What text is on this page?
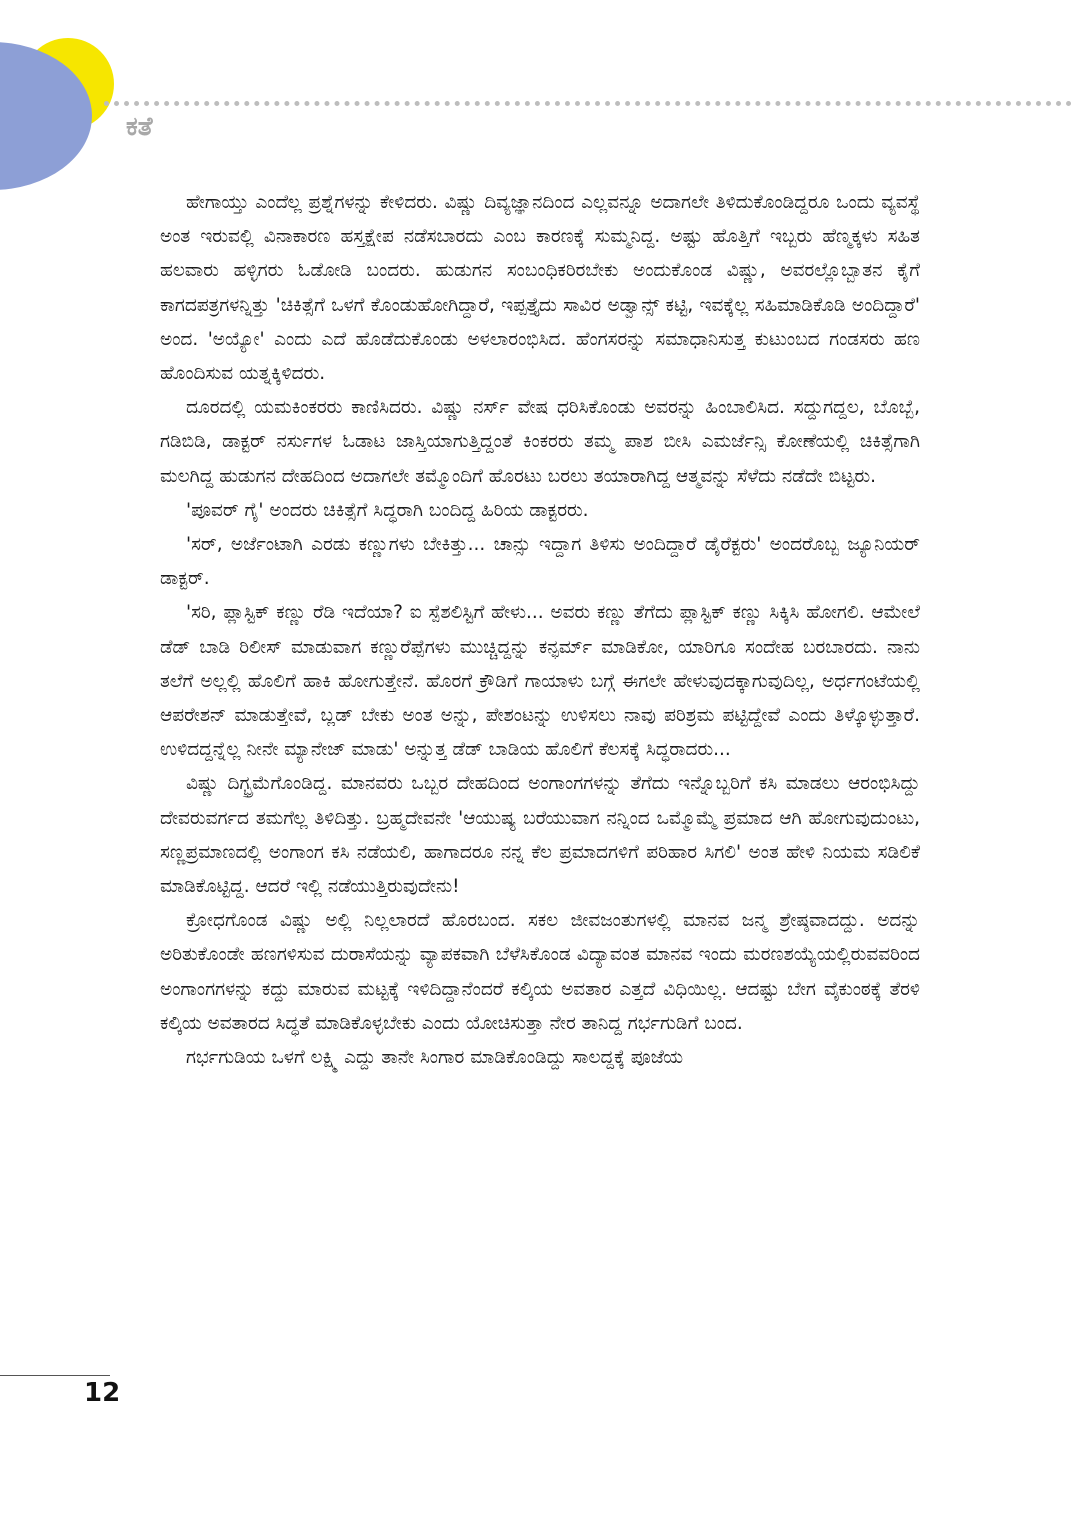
ಕತೆ

ಹೇಗಾಯ್ತು ಎಂದೆಲ್ಲ ಪ್ರಶ್ನೆಗಳನ್ನು ಕೇಳಿದರು. ವಿಷ್ಣು ದಿವ್ಯಜ್ಞಾನದಿಂದ ಎಲ್ಲವನ್ನೂ ಅದಾಗಲೇ ತಿಳಿದುಕೊಂಡಿದ್ದರೂ ಒಂದು ವ್ಯವಸ್ಥೆ ಅಂತ ಇರುವಲ್ಲಿ ವಿನಾಕಾರಣ ಹಸ್ತಕ್ಷೇಪ ನಡೆಸಬಾರದು ಎಂಬ ಕಾರಣಕ್ಕೆ ಸುಮ್ಮನಿದ್ದ. ಅಷ್ಟು ಹೊತ್ತಿಗೆ ಇಬ್ಬರು ಹೆಣ್ಮಕ್ಕಳು ಸಹಿತ ಹಲವಾರು ಹಳ್ಳಿಗರು ಓಡೋಡಿ ಬಂದರು. ಹುಡುಗನ ಸಂಬಂಧಿಕರಿರಬೇಕು ಅಂದುಕೊಂಡ ವಿಷ್ಣು, ಅವರಲ್ಲೊಬ್ಬಾತನ ಕೈಗೆ ಕಾಗದಪತ್ರಗಳನ್ನಿತ್ತು 'ಚಿಕಿತ್ಸೆಗೆ ಒಳಗೆ ಕೊಂಡುಹೋಗಿದ್ದಾರೆ, ಇಪ್ಪತ್ತೈದು ಸಾವಿರ ಅಡ್ವಾನ್ಸ್ ಕಟ್ಟಿ, ಇವಕ್ಕೆಲ್ಲ ಸಹಿಮಾಡಿಕೊಡಿ ಅಂದಿದ್ದಾರೆ' ಅಂದ. 'ಅಯ್ಯೋ' ಎಂದು ಎದೆ ಹೊಡೆದುಕೊಂಡು ಅಳಲಾರಂಭಿಸಿದ. ಹೆಂಗಸರನ್ನು ಸಮಾಧಾನಿಸುತ್ತ ಕುಟುಂಬದ ಗಂಡಸರು ಹಣ ಹೊಂದಿಸುವ ಯತ್ನಕ್ಕಿಳಿದರು.

ದೂರದಲ್ಲಿ ಯಮಕಿಂಕರರು ಕಾಣಿಸಿದರು. ವಿಷ್ಣು ನರ್ಸ್ ವೇಷ ಧರಿಸಿಕೊಂಡು ಅವರನ್ನು ಹಿಂಬಾಲಿಸಿದ. ಸದ್ದುಗದ್ದಲ, ಬೊಬ್ಬೆ, ಗಡಿಬಿಡಿ, ಡಾಕ್ಟರ್ ನರ್ಸುಗಳ ಓಡಾಟ ಜಾಸ್ತಿಯಾಗುತ್ತಿದ್ದಂತೆ ಕಿಂಕರರು ತಮ್ಮ ಪಾಶ ಬೀಸಿ ಎಮರ್ಜೆನ್ಸಿ ಕೋಣೆಯಲ್ಲಿ ಚಿಕಿತ್ಸೆಗಾಗಿ ಮಲಗಿದ್ದ ಹುಡುಗನ ದೇಹದಿಂದ ಅದಾಗಲೇ ತಮ್ಮೊಂದಿಗೆ ಹೊರಟು ಬರಲು ತಯಾರಾಗಿದ್ದ ಆತ್ಮವನ್ನು ಸೆಳೆದು ನಡೆದೇ ಬಿಟ್ಟರು.

'ಪೂವರ್ ಗೈ' ಅಂದರು ಚಿಕಿತ್ಸೆಗೆ ಸಿದ್ಧರಾಗಿ ಬಂದಿದ್ದ ಹಿರಿಯ ಡಾಕ್ಟರರು.

'ಸರ್, ಅರ್ಜೆಂಟಾಗಿ ಎರಡು ಕಣ್ಣುಗಳು ಬೇಕಿತ್ತು... ಚಾನ್ಸು ಇದ್ದಾಗ ತಿಳಿಸು ಅಂದಿದ್ದಾರೆ ಡೈರೆಕ್ಟರು' ಅಂದರೊಬ್ಬ ಜ್ಯೂನಿಯರ್ ಡಾಕ್ಟರ್.

'ಸರಿ, ಪ್ಲಾಸ್ಟಿಕ್ ಕಣ್ಣು ರೆಡಿ ಇದೆಯಾ? ಐ ಸ್ಪೆಶಲಿಸ್ಟಿಗೆ ಹೇಳು... ಅವರು ಕಣ್ಣು ತೆಗೆದು ಪ್ಲಾಸ್ಟಿಕ್ ಕಣ್ಣು ಸಿಕ್ಕಿಸಿ ಹೋಗಲಿ. ಆಮೇಲೆ ಡೆಡ್ ಬಾಡಿ ರಿಲೀಸ್ ಮಾಡುವಾಗ ಕಣ್ಣುರೆಪ್ಪೆಗಳು ಮುಚ್ಚಿದ್ದನ್ನು ಕನ್ಫರ್ಮ್ ಮಾಡಿಕೋ, ಯಾರಿಗೂ ಸಂದೇಹ ಬರಬಾರದು. ನಾನು ತಲೆಗೆ ಅಲ್ಲಲ್ಲಿ ಹೊಲಿಗೆ ಹಾಕಿ ಹೋಗುತ್ತೇನೆ. ಹೊರಗೆ ಕ್ರೌಡಿಗೆ ಗಾಯಾಳು ಬಗ್ಗೆ ಈಗಲೇ ಹೇಳುವುದಕ್ಕಾಗುವುದಿಲ್ಲ, ಅರ್ಧಗಂಟೆಯಲ್ಲಿ ಆಪರೇಶನ್ ಮಾಡುತ್ತೇವೆ, ಬ್ಲಡ್ ಬೇಕು ಅಂತ ಅನ್ನು, ಪೇಶಂಟನ್ನು ಉಳಿಸಲು ನಾವು ಪರಿಶ್ರಮ ಪಟ್ಟಿದ್ದೇವೆ ಎಂದು ತಿಳ್ಕೊಳ್ಳುತ್ತಾರೆ. ಉಳಿದದ್ದನ್ನೆಲ್ಲ ನೀನೇ ಮ್ಯಾನೇಜ್ ಮಾಡು' ಅನ್ನುತ್ತ ಡೆಡ್ ಬಾಡಿಯ ಹೊಲಿಗೆ ಕೆಲಸಕ್ಕೆ ಸಿದ್ಧರಾದರು...

ವಿಷ್ಣು ದಿಗ್ಭ್ರಮೆಗೊಂಡಿದ್ದ. ಮಾನವರು ಒಬ್ಬರ ದೇಹದಿಂದ ಅಂಗಾಂಗಗಳನ್ನು ತೆಗೆದು ಇನ್ನೊಬ್ಬರಿಗೆ ಕಸಿ ಮಾಡಲು ಆರಂಭಿಸಿದ್ದು ದೇವರುವರ್ಗದ ತಮಗೆಲ್ಲ ತಿಳಿದಿತ್ತು. ಬ್ರಹ್ಮದೇವನೇ 'ಆಯುಷ್ಯ ಬರೆಯುವಾಗ ನನ್ನಿಂದ ಒಮ್ಮೊಮ್ಮೆ ಪ್ರಮಾದ ಆಗಿ ಹೋಗುವುದುಂಟು, ಸಣ್ಣಪ್ರಮಾಣದಲ್ಲಿ ಅಂಗಾಂಗ ಕಸಿ ನಡೆಯಲಿ, ಹಾಗಾದರೂ ನನ್ನ ಕೆಲ ಪ್ರಮಾದಗಳಿಗೆ ಪರಿಹಾರ ಸಿಗಲಿ' ಅಂತ ಹೇಳಿ ನಿಯಮ ಸಡಿಲಿಕೆ ಮಾಡಿಕೊಟ್ಟಿದ್ದ. ಆದರೆ ಇಲ್ಲಿ ನಡೆಯುತ್ತಿರುವುದೇನು!

ಕ್ರೋಧಗೊಂಡ ವಿಷ್ಣು ಅಲ್ಲಿ ನಿಲ್ಲಲಾರದೆ ಹೊರಬಂದ. ಸಕಲ ಜೀವಜಂತುಗಳಲ್ಲಿ ಮಾನವ ಜನ್ಮ ಶ್ರೇಷ್ಠವಾದದ್ದು. ಅದನ್ನು ಅರಿತುಕೊಂಡೇ ಹಣಗಳಿಸುವ ದುರಾಸೆಯನ್ನು ವ್ಯಾಪಕವಾಗಿ ಬೆಳೆಸಿಕೊಂಡ ವಿದ್ಯಾವಂತ ಮಾನವ ಇಂದು ಮರಣಶಯ್ಯೆಯಲ್ಲಿರುವವರಿಂದ ಅಂಗಾಂಗಗಳನ್ನು ಕದ್ದು ಮಾರುವ ಮಟ್ಟಕ್ಕೆ ಇಳಿದಿದ್ದಾನೆಂದರೆ ಕಲ್ಕಿಯ ಅವತಾರ ಎತ್ತದೆ ವಿಧಿಯಿಲ್ಲ. ಆದಷ್ಟು ಬೇಗ ವೈಕುಂಠಕ್ಕೆ ತೆರಳಿ ಕಲ್ಕಿಯ ಅವತಾರದ ಸಿದ್ಧತೆ ಮಾಡಿಕೊಳ್ಳಬೇಕು ಎಂದು ಯೋಚಿಸುತ್ತಾ ನೇರ ತಾನಿದ್ದ ಗರ್ಭಗುಡಿಗೆ ಬಂದ.

ಗರ್ಭಗುಡಿಯ ಒಳಗೆ ಲಕ್ಷ್ಮಿ ಎದ್ದು ತಾನೇ ಸಿಂಗಾರ ಮಾಡಿಕೊಂಡಿದ್ದು ಸಾಲದ್ದಕ್ಕೆ ಪೂಜೆಯ

12
